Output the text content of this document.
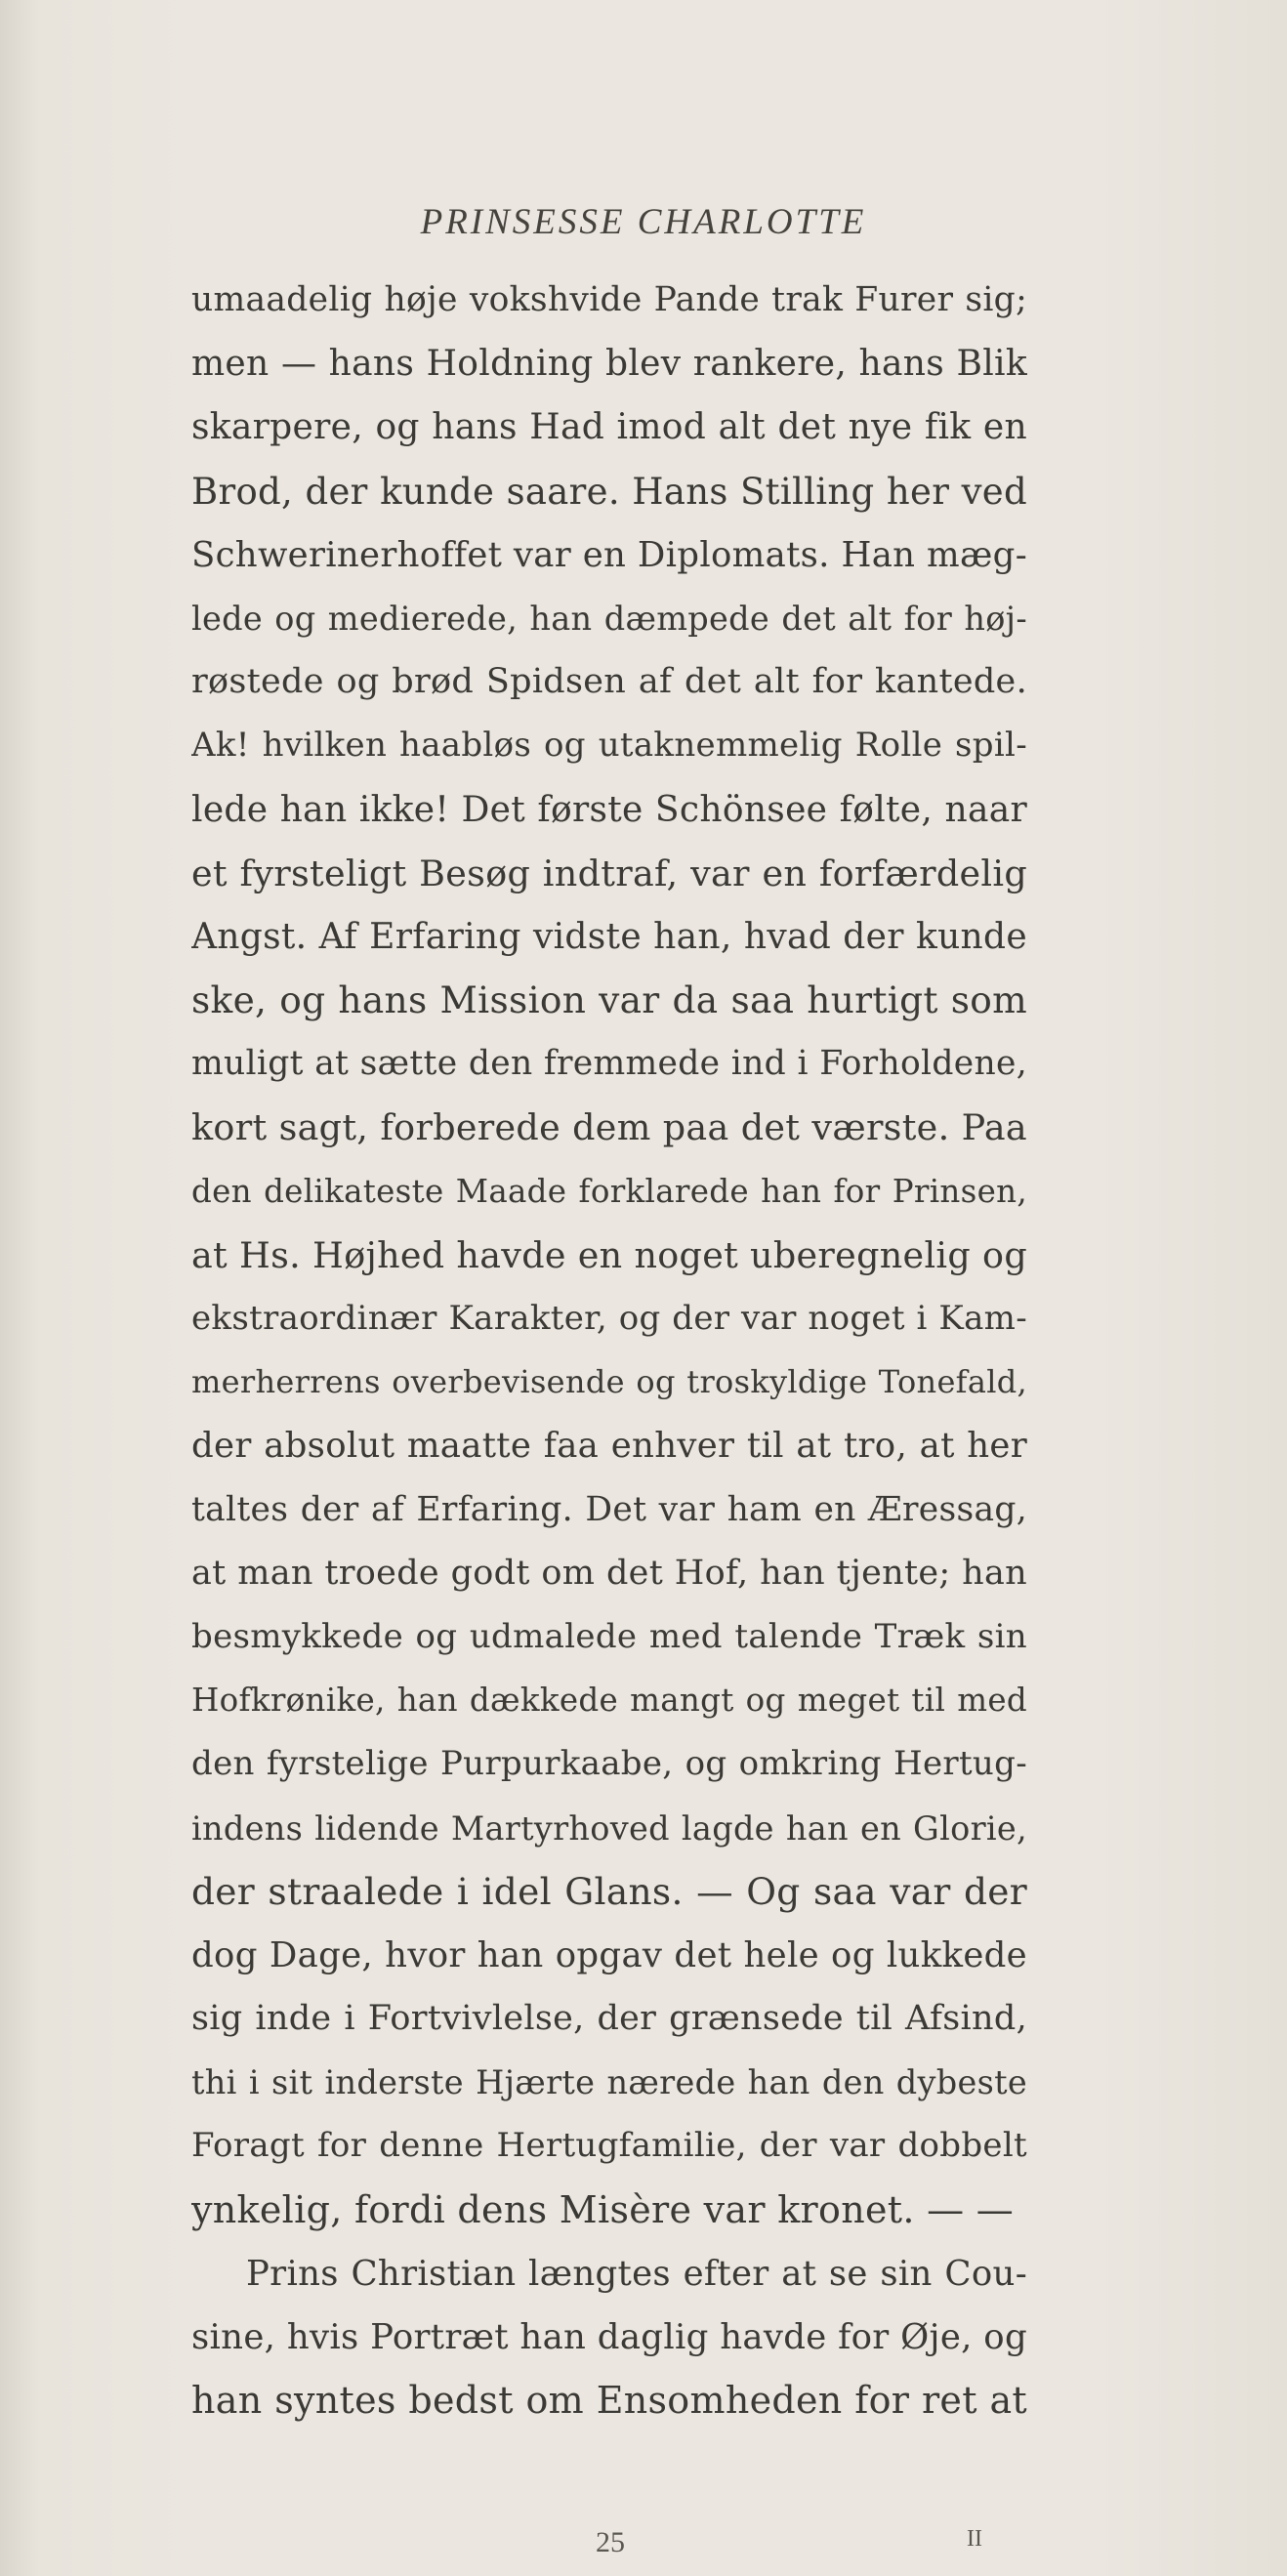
PRINSESSE CHARLOTTE
umaadelig høje vokshvide Pande trak Furer sig;
men — hans Holdning blev rankere, hans Blik
skarpere, og hans Had imod alt det nye fik en
Brod, der kunde saare. Hans Stilling her ved
Schwerinerhoffet var en Diplomats. Han mæg-
lede og medierede, han dæmpede det alt for høj-
røstede og brød Spidsen af det alt for kantede.
Ak! hvilken haabløs og utaknemmelig Rolle spil-
lede han ikke! Det første Schönsee følte, naar
et fyrsteligt Besøg indtraf, var en forfærdelig
Angst. Af Erfaring vidste han, hvad der kunde
ske, og hans Mission var da saa hurtigt som
muligt at sætte den fremmede ind i Forholdene,
kort sagt, forberede dem paa det værste. Paa
den delikateste Maade forklarede han for Prinsen,
at Hs. Højhed havde en noget uberegnelig og
ekstraordinær Karakter, og der var noget i Kam-
merherrens overbevisende og troskyldige Tonefald,
der absolut maatte faa enhver til at tro, at her
taltes der af Erfaring. Det var ham en Æressag,
at man troede godt om det Hof, han tjente; han
besmykkede og udmalede med talende Træk sin
Hofkrønike, han dækkede mangt og meget til med
den fyrstelige Purpurkaabe, og omkring Hertug-
indens lidende Martyrhoved lagde han en Glorie,
der straalede i idel Glans. — Og saa var der
dog Dage, hvor han opgav det hele og lukkede
sig inde i Fortvivlelse, der grænsede til Afsind,
thi i sit inderste Hjærte nærede han den dybeste
Foragt for denne Hertugfamilie, der var dobbelt
ynkelig, fordi dens Misère var kronet. — —
Prins Christian længtes efter at se sin Cou-
sine, hvis Portræt han daglig havde for Øje, og
han syntes bedst om Ensomheden for ret at
25	II
